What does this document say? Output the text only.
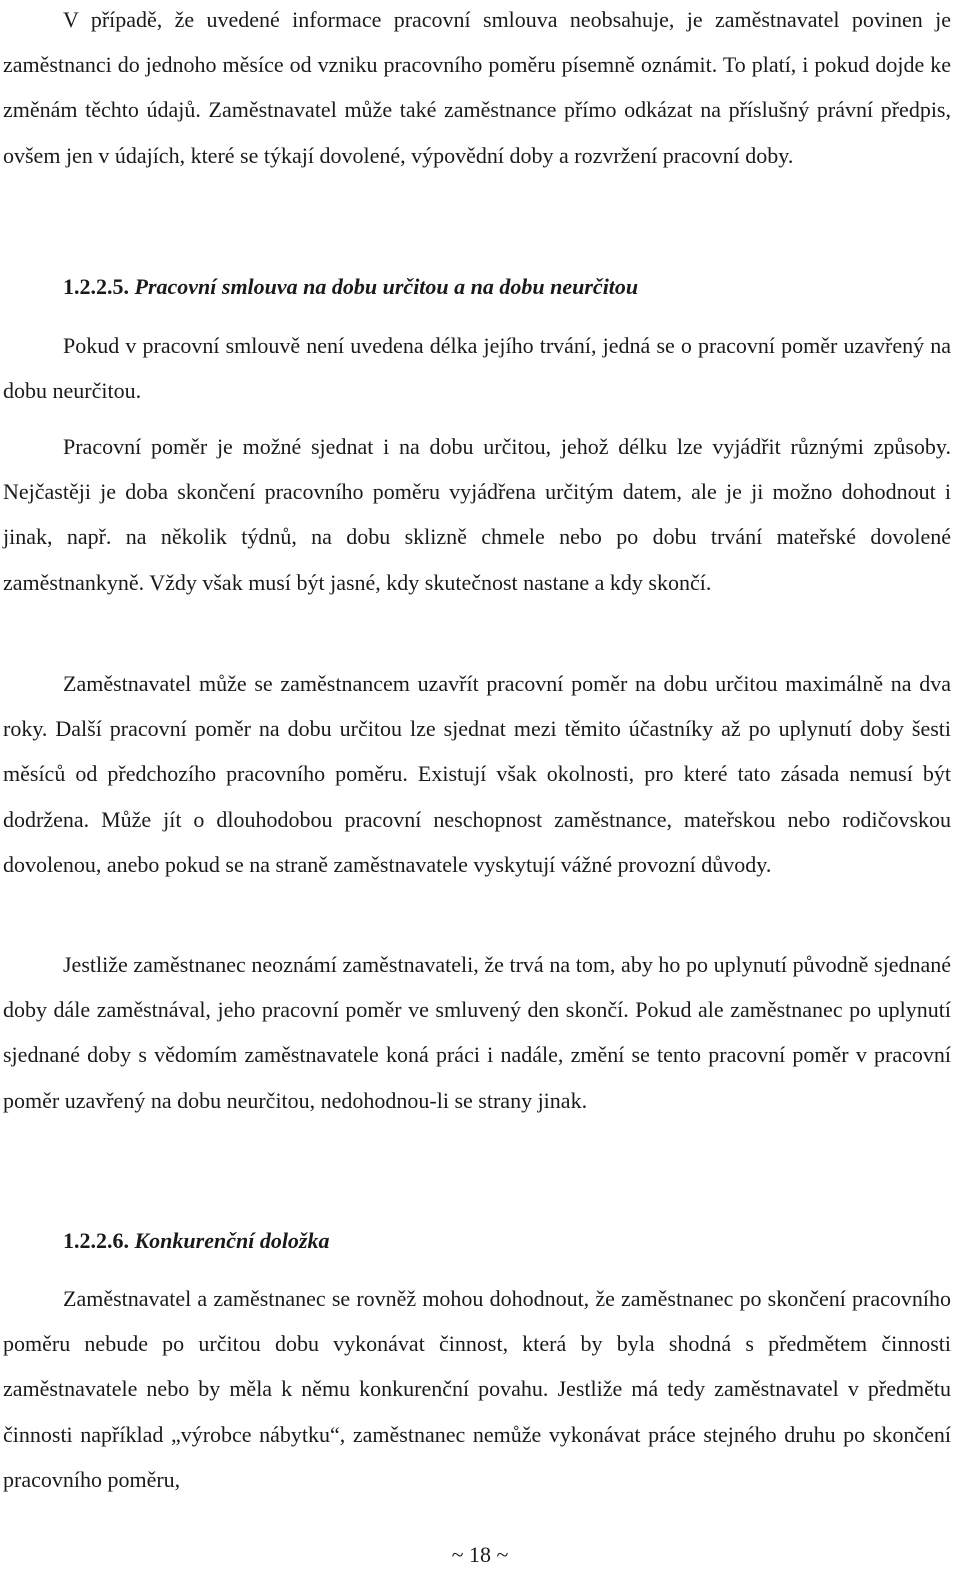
V případě, že uvedené informace pracovní smlouva neobsahuje, je zaměstnavatel povinen je zaměstnanci do jednoho měsíce od vzniku pracovního poměru písemně oznámit. To platí, i pokud dojde ke změnám těchto údajů. Zaměstnavatel může také zaměstnance přímo odkázat na příslušný právní předpis, ovšem jen v údajích, které se týkají dovolené, výpovědní doby a rozvržení pracovní doby.

1.2.2.5. Pracovní smlouva na dobu určitou a na dobu neurčitou

Pokud v pracovní smlouvě není uvedena délka jejího trvání, jedná se o pracovní poměr uzavřený na dobu neurčitou.

Pracovní poměr je možné sjednat i na dobu určitou, jehož délku lze vyjádřit různými způsoby. Nejčastěji je doba skončení pracovního poměru vyjádřena určitým datem, ale je ji možno dohodnout i jinak, např. na několik týdnů, na dobu sklizně chmele nebo po dobu trvání mateřské dovolené zaměstnankyně. Vždy však musí být jasné, kdy skutečnost nastane a kdy skončí.

Zaměstnavatel může se zaměstnancem uzavřít pracovní poměr na dobu určitou maximálně na dva roky. Další pracovní poměr na dobu určitou lze sjednat mezi těmito účastníky až po uplynutí doby šesti měsíců od předchozího pracovního poměru. Existují však okolnosti, pro které tato zásada nemusí být dodržena. Může jít o dlouhodobou pracovní neschopnost zaměstnance, mateřskou nebo rodičovskou dovolenou, anebo pokud se na straně zaměstnavatele vyskytují vážné provozní důvody.

Jestliže zaměstnanec neoznámí zaměstnavateli, že trvá na tom, aby ho po uplynutí původně sjednané doby dále zaměstnával, jeho pracovní poměr ve smluvený den skončí. Pokud ale zaměstnanec po uplynutí sjednané doby s vědomím zaměstnavatele koná práci i nadále, změní se tento pracovní poměr v pracovní poměr uzavřený na dobu neurčitou, nedohodnou-li se strany jinak.

1.2.2.6. Konkurenční doložka

Zaměstnavatel a zaměstnanec se rovněž mohou dohodnout, že zaměstnanec po skončení pracovního poměru nebude po určitou dobu vykonávat činnost, která by byla shodná s předmětem činnosti zaměstnavatele nebo by měla k němu konkurenční povahu. Jestliže má tedy zaměstnavatel v předmětu činnosti například „výrobce nábytku“, zaměstnanec nemůže vykonávat práce stejného druhu po skončení pracovního poměru,

~ 18 ~
